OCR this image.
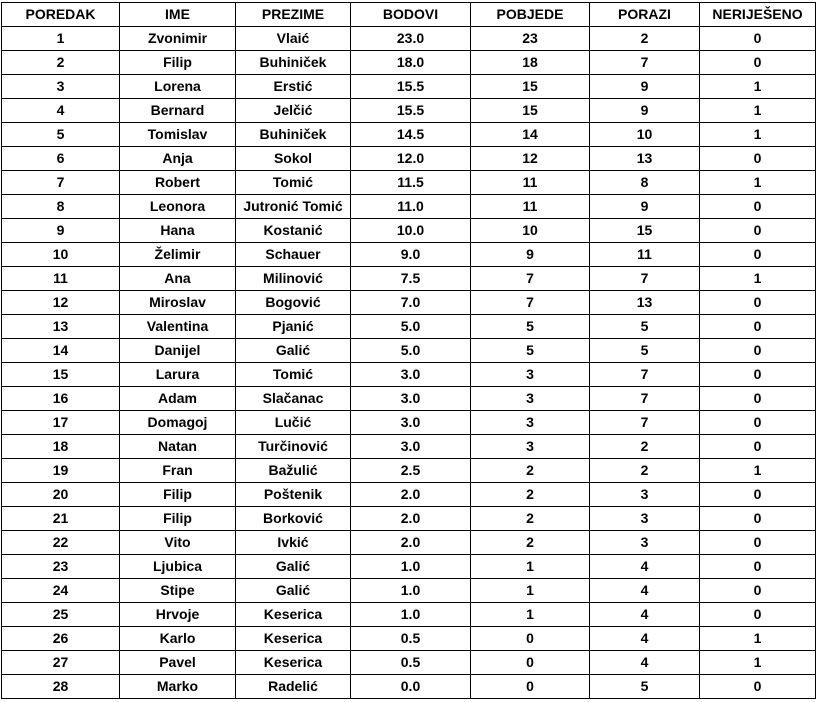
POREDAK	IME	PREZIME	BODOVI	POBJEDE	PORAZI	NERIJEŠENO
1	Zvonimir	Vlaić	23.0	23	2	0
2	Filip	Buhiniček	18.0	18	7	0
3	Lorena	Erstić	15.5	15	9	1
4	Bernard	Jelčić	15.5	15	9	1
5	Tomislav	Buhiniček	14.5	14	10	1
6	Anja	Sokol	12.0	12	13	0
7	Robert	Tomić	11.5	11	8	1
8	Leonora	Jutronić Tomić	11.0	11	9	0
9	Hana	Kostanić	10.0	10	15	0
10	Želimir	Schauer	9.0	9	11	0
11	Ana	Milinović	7.5	7	7	1
12	Miroslav	Bogović	7.0	7	13	0
13	Valentina	Pjanić	5.0	5	5	0
14	Danijel	Galić	5.0	5	5	0
15	Larura	Tomić	3.0	3	7	0
16	Adam	Slačanac	3.0	3	7	0
17	Domagoj	Lučić	3.0	3	7	0
18	Natan	Turčinović	3.0	3	2	0
19	Fran	Bažulić	2.5	2	2	1
20	Filip	Poštenik	2.0	2	3	0
21	Filip	Borković	2.0	2	3	0
22	Vito	Ivkić	2.0	2	3	0
23	Ljubica	Galić	1.0	1	4	0
24	Stipe	Galić	1.0	1	4	0
25	Hrvoje	Keserica	1.0	1	4	0
26	Karlo	Keserica	0.5	0	4	1
27	Pavel	Keserica	0.5	0	4	1
28	Marko	Radelić	0.0	0	5	0
